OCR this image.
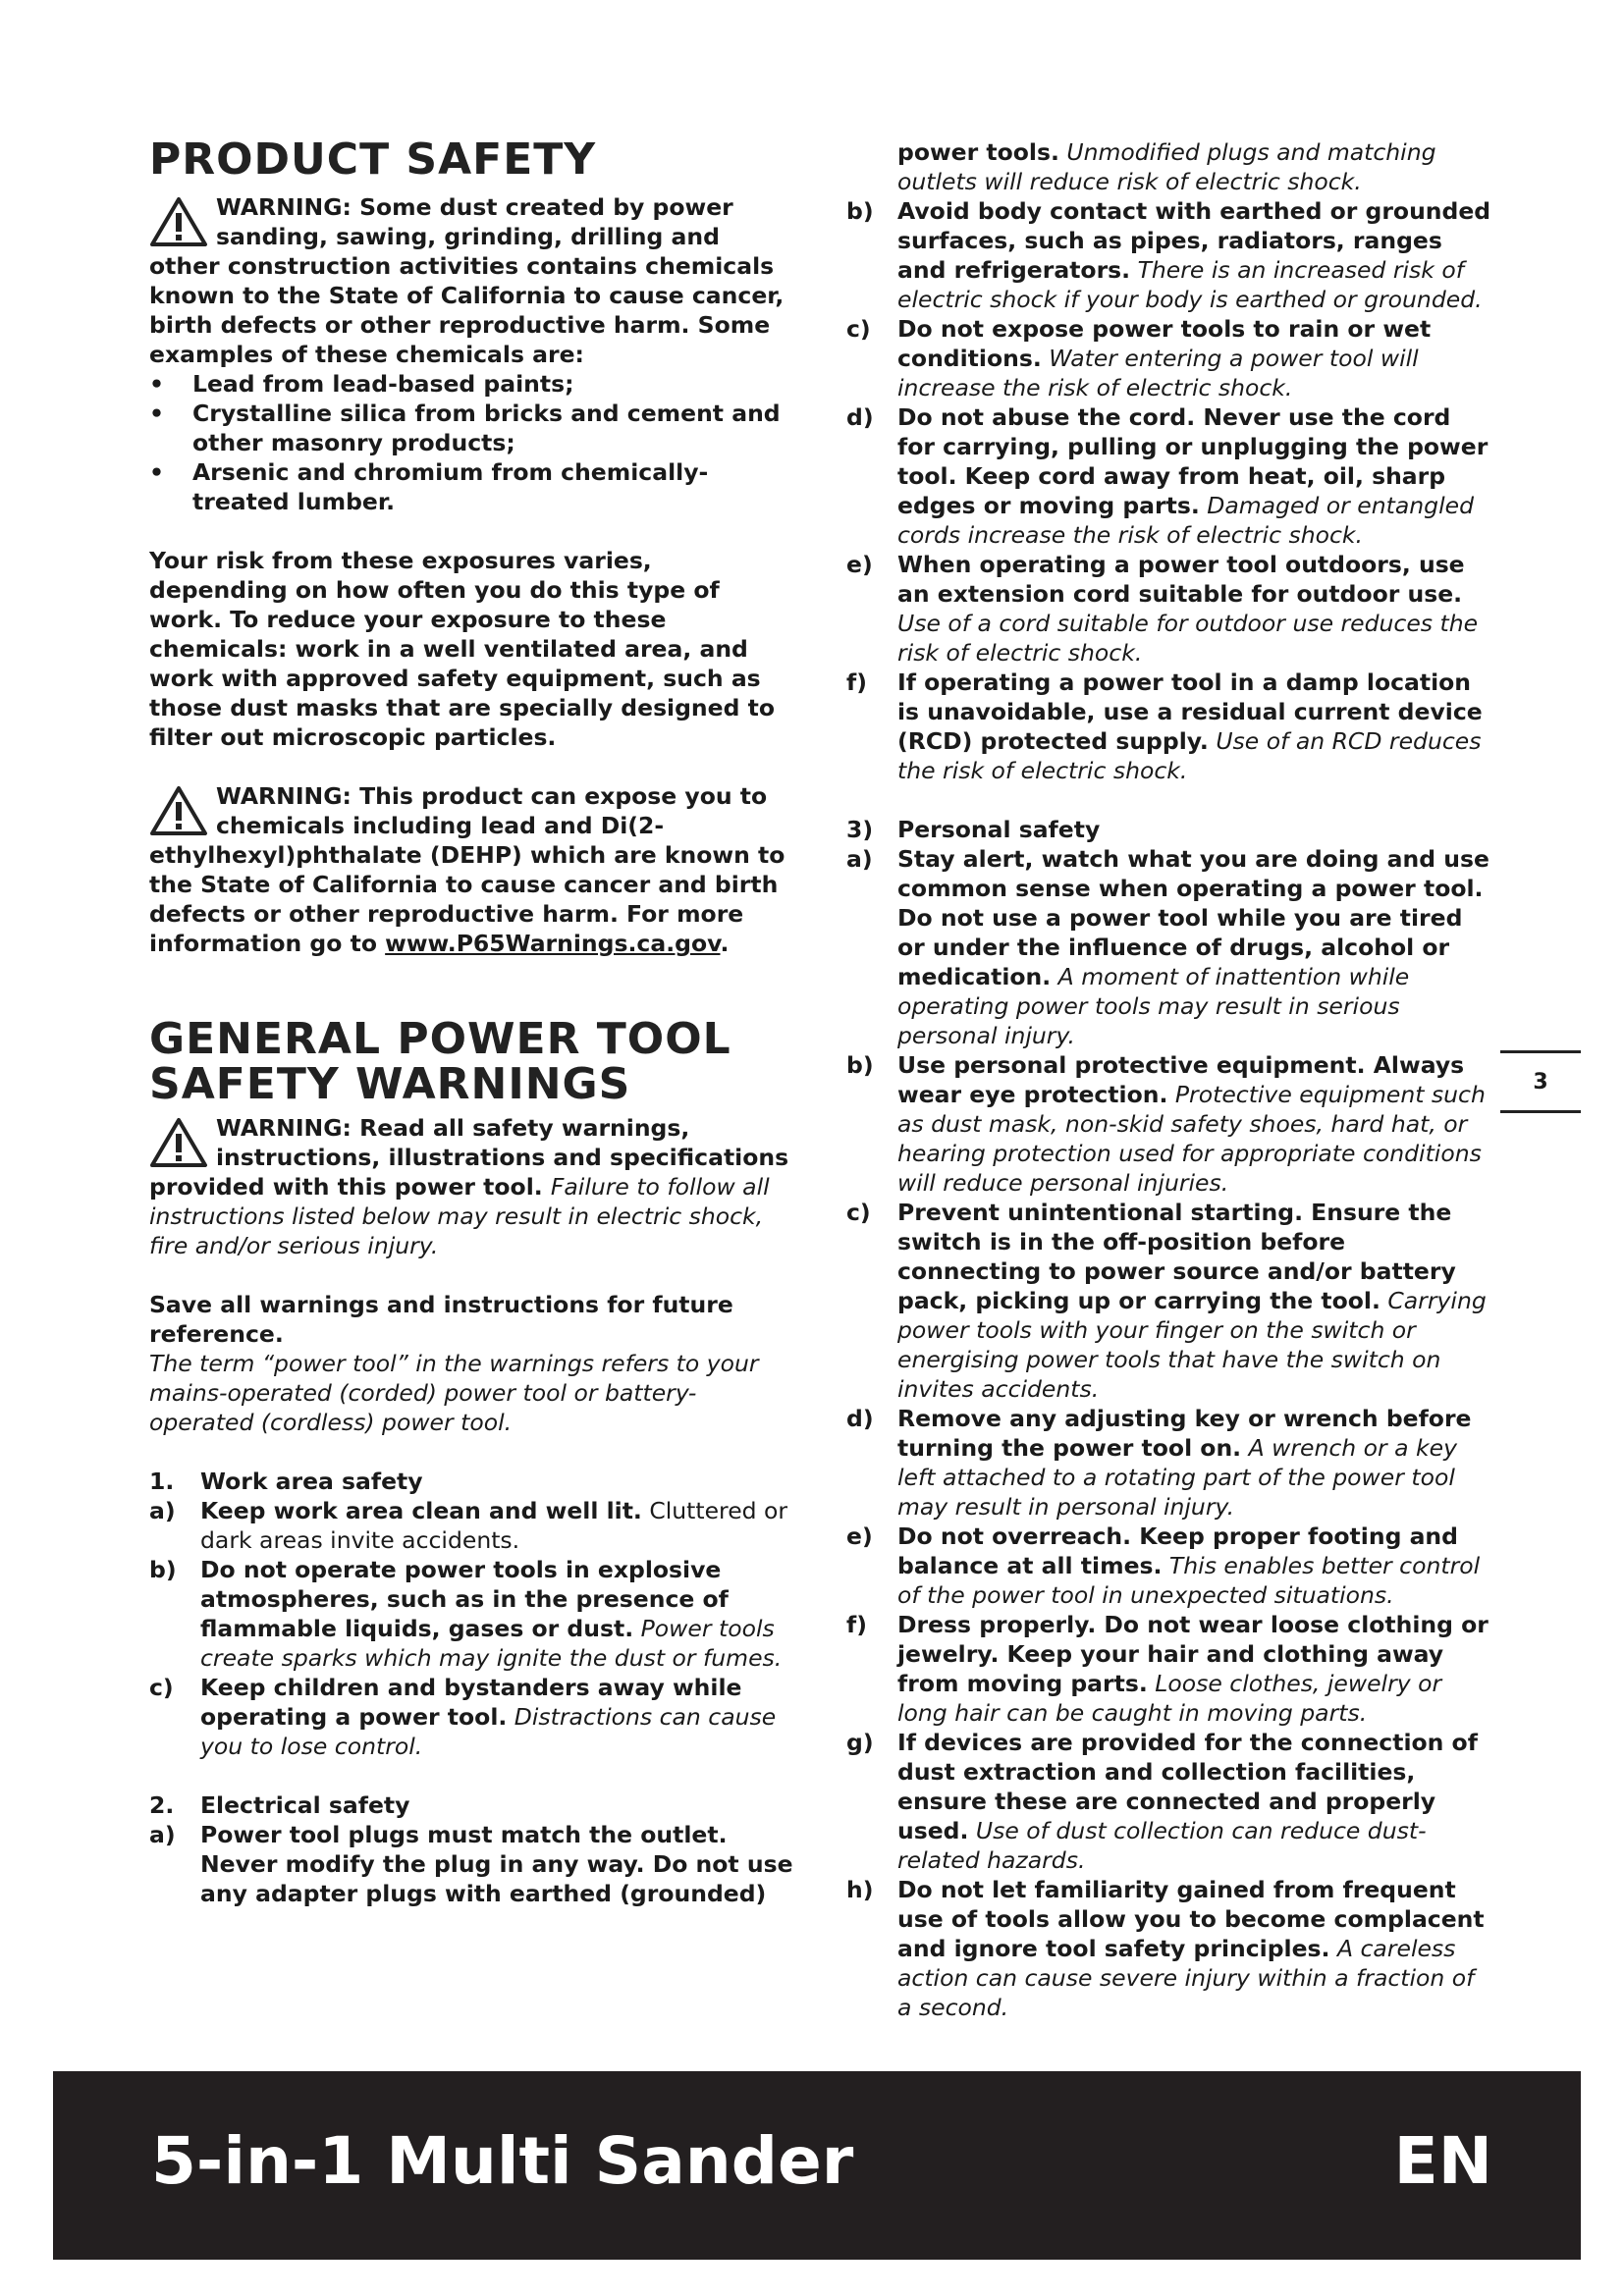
PRODUCT SAFETY
WARNING: Some dust created by power sanding, sawing, grinding, drilling and other construction activities contains chemicals known to the State of California to cause cancer, birth defects or other reproductive harm. Some examples of these chemicals are:
•	Lead from lead-based paints;
•	Crystalline silica from bricks and cement and other masonry products;
•	Arsenic and chromium from chemically-treated lumber.

Your risk from these exposures varies, depending on how often you do this type of work. To reduce your exposure to these chemicals: work in a well ventilated area, and work with approved safety equipment, such as those dust masks that are specially designed to filter out microscopic particles.

WARNING: This product can expose you to chemicals including lead and Di(2-ethylhexyl)phthalate (DEHP) which are known to the State of California to cause cancer and birth defects or other reproductive harm. For more information go to www.P65Warnings.ca.gov.
GENERAL POWER TOOL
SAFETY WARNINGS
WARNING: Read all safety warnings, instructions, illustrations and specifications provided with this power tool. Failure to follow all instructions listed below may result in electric shock, fire and/or serious injury.

Save all warnings and instructions for future reference.

The term “power tool” in the warnings refers to your mains-operated (corded) power tool or battery-operated (cordless) power tool.

1.	Work area safety
a)	Keep work area clean and well lit. Cluttered or dark areas invite accidents.
b)	Do not operate power tools in explosive atmospheres, such as in the presence of flammable liquids, gases or dust. Power tools create sparks which may ignite the dust or fumes.
c)	Keep children and bystanders away while operating a power tool. Distractions can cause you to lose control.
2.	Electrical safety
a)	Power tool plugs must match the outlet. Never modify the plug in any way. Do not use any adapter plugs with earthed (grounded)
power tools. Unmodified plugs and matching outlets will reduce risk of electric shock.
b)	Avoid body contact with earthed or grounded surfaces, such as pipes, radiators, ranges and refrigerators. There is an increased risk of electric shock if your body is earthed or grounded.
c)	Do not expose power tools to rain or wet conditions. Water entering a power tool will increase the risk of electric shock.
d)	Do not abuse the cord. Never use the cord for carrying, pulling or unplugging the power tool. Keep cord away from heat, oil, sharp edges or moving parts. Damaged or entangled cords increase the risk of electric shock.
e)	When operating a power tool outdoors, use an extension cord suitable for outdoor use. Use of a cord suitable for outdoor use reduces the risk of electric shock.
f)	If operating a power tool in a damp location is unavoidable, use a residual current device (RCD) protected supply. Use of an RCD reduces the risk of electric shock.
3)	Personal safety
a)	Stay alert, watch what you are doing and use common sense when operating a power tool. Do not use a power tool while you are tired or under the influence of drugs, alcohol or medication. A moment of inattention while operating power tools may result in serious personal injury.
b)	Use personal protective equipment. Always wear eye protection. Protective equipment such as dust mask, non-skid safety shoes, hard hat, or hearing protection used for appropriate conditions will reduce personal injuries.
c)	Prevent unintentional starting. Ensure the switch is in the off-position before connecting to power source and/or battery pack, picking up or carrying the tool. Carrying power tools with your finger on the switch or energising power tools that have the switch on invites accidents.
d)	Remove any adjusting key or wrench before turning the power tool on. A wrench or a key left attached to a rotating part of the power tool may result in personal injury.
e)	Do not overreach. Keep proper footing and balance at all times. This enables better control of the power tool in unexpected situations.
f)	Dress properly. Do not wear loose clothing or jewelry. Keep your hair and clothing away from moving parts. Loose clothes, jewelry or long hair can be caught in moving parts.
g)	If devices are provided for the connection of dust extraction and collection facilities, ensure these are connected and properly used. Use of dust collection can reduce dust-related hazards.
h)	Do not let familiarity gained from frequent use of tools allow you to become complacent and ignore tool safety principles. A careless action can cause severe injury within a fraction of a second.
3
5-in-1 Multi Sander	EN
